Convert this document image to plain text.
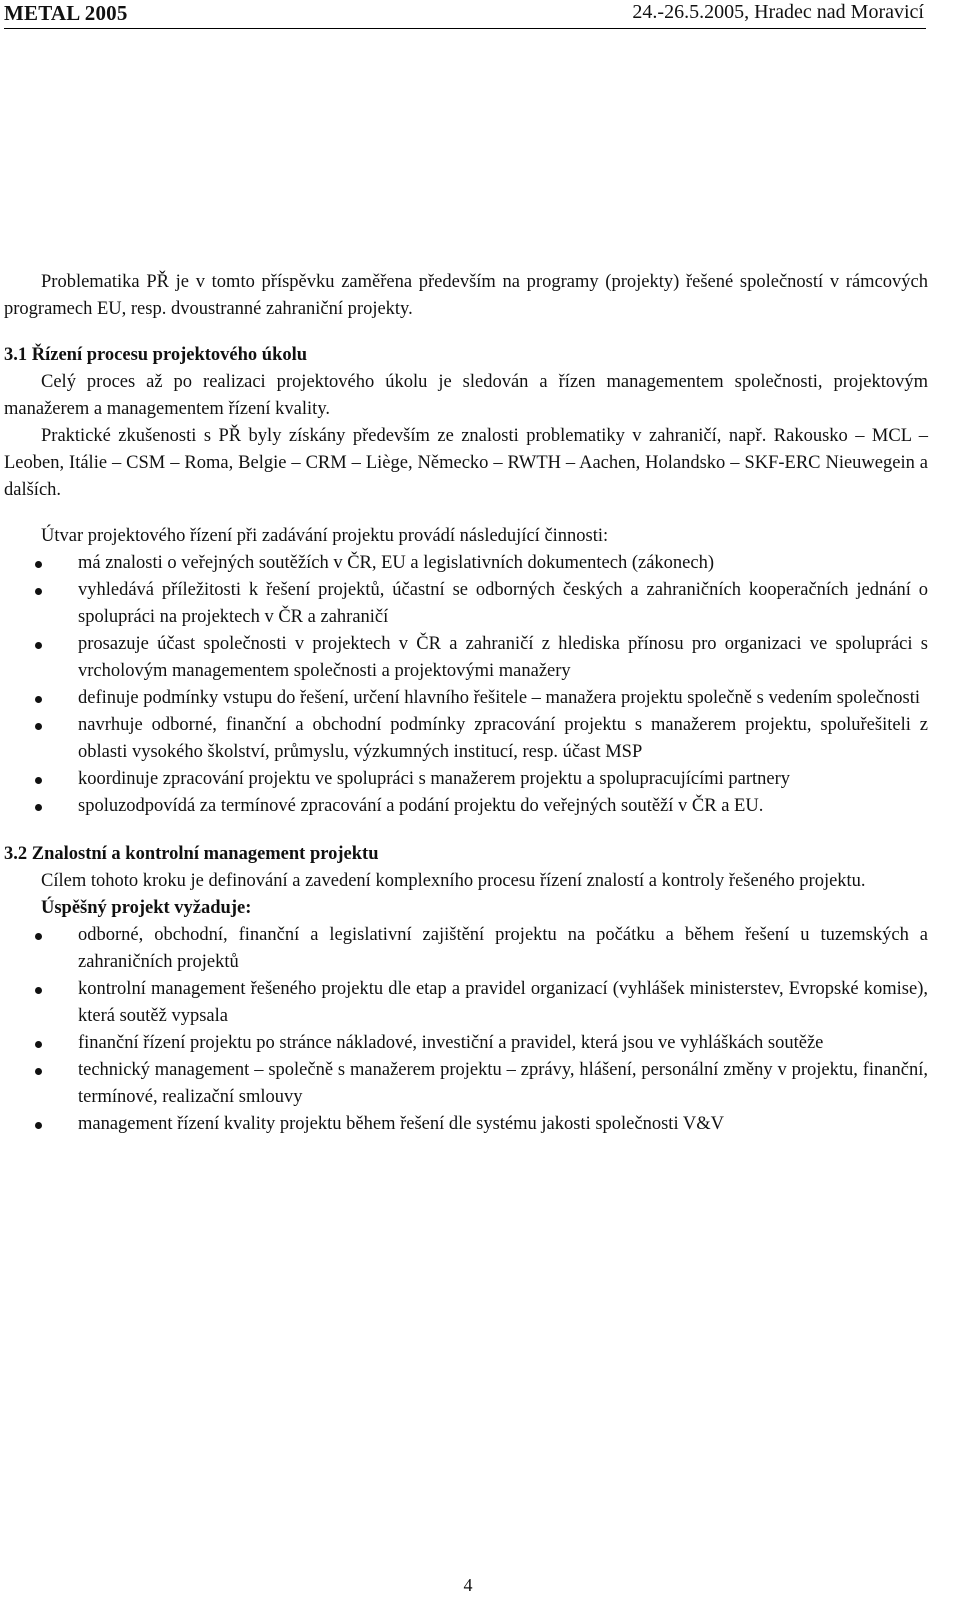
METAL 2005	24.-26.5.2005, Hradec nad Moravicí

Problematika PŘ je v tomto příspěvku zaměřena především na programy (projekty) řešené společností v rámcových programech EU, resp. dvoustranné zahraniční projekty.

3.1 Řízení procesu projektového úkolu

Celý proces až po realizaci projektového úkolu je sledován a řízen managementem společnosti, projektovým manažerem a managementem řízení kvality.

Praktické zkušenosti s PŘ byly získány především ze znalosti problematiky v zahraničí, např. Rakousko – MCL – Leoben, Itálie – CSM – Roma, Belgie – CRM – Liège, Německo – RWTH – Aachen, Holandsko – SKF-ERC Nieuwegein a dalších.

Útvar projektového řízení při zadávání projektu provádí následující činnosti:

má znalosti o veřejných soutěžích v ČR, EU a legislativních dokumentech (zákonech)
vyhledává příležitosti k řešení projektů, účastní se odborných českých a zahraničních kooperačních jednání o spolupráci na projektech v ČR a zahraničí
prosazuje účast společnosti v projektech v ČR a zahraničí z hlediska přínosu pro organizaci ve spolupráci s vrcholovým managementem společnosti a projektovými manažery
definuje podmínky vstupu do řešení, určení hlavního řešitele – manažera projektu společně s vedením společnosti
navrhuje odborné, finanční a obchodní podmínky zpracování projektu s manažerem projektu, spoluřešiteli z oblasti vysokého školství, průmyslu, výzkumných institucí, resp. účast MSP
koordinuje zpracování projektu ve spolupráci s manažerem projektu a spolupracujícími partnery
spoluzodpovídá za termínové zpracování a podání projektu do veřejných soutěží v ČR a EU.

3.2 Znalostní a kontrolní management projektu

Cílem tohoto kroku je definování a zavedení komplexního procesu řízení znalostí a kontroly řešeného projektu.

Úspěšný projekt vyžaduje:

odborné, obchodní, finanční a legislativní zajištění projektu na počátku a během řešení u tuzemských a zahraničních projektů
kontrolní management řešeného projektu dle etap a pravidel organizací (vyhlášek ministerstev, Evropské komise), která soutěž vypsala
finanční řízení projektu po stránce nákladové, investiční a pravidel, která jsou ve vyhláškách soutěže
technický management – společně s manažerem projektu – zprávy, hlášení, personální změny v projektu, finanční, termínové, realizační smlouvy
management řízení kvality projektu během řešení dle systému jakosti společnosti V&V
4
